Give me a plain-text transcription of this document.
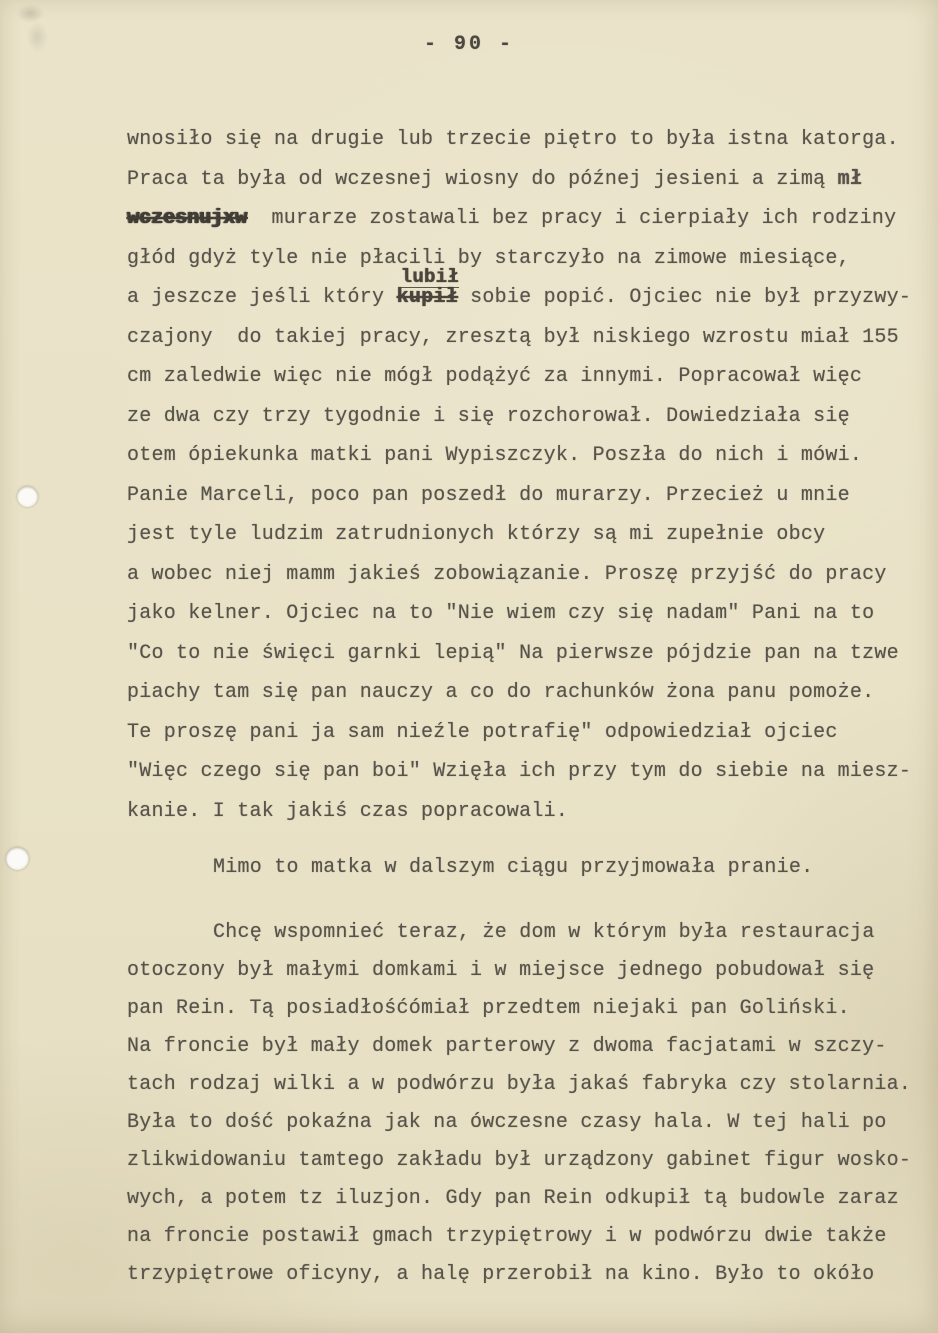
- 90 -
wnosiło się na drugie lub trzecie piętro to była istna katorga.
Praca ta była od wczesnej wiosny do późnej jesieni a zimą mł
wczesnujxw  murarze zostawali bez pracy i cierpiały ich rodziny
głód gdyż tyle nie płacili by starczyło na zimowe miesiące,
a jeszcze jeśli który kupił
lubił
sobie popić. Ojciec nie był przyzwy-
czajony  do takiej pracy, zresztą był niskiego wzrostu miał 155
cm zaledwie więc nie mógł podążyć za innymi. Popracował więc
ze dwa czy trzy tygodnie i się rozchorował. Dowiedziała się
otem ópiekunka matki pani Wypiszczyk. Poszła do nich i mówi.
Panie Marceli, poco pan poszedł do murarzy. Przecież u mnie
jest tyle ludzim zatrudnionych którzy są mi zupełnie obcy
a wobec niej mamm jakieś zobowiązanie. Proszę przyjść do pracy
jako kelner. Ojciec na to "Nie wiem czy się nadam" Pani na to
"Co to nie święci garnki lepią" Na pierwsze pójdzie pan na tzwe
piachy tam się pan nauczy a co do rachunków żona panu pomoże.
Te proszę pani ja sam nieźle potrafię" odpowiedział ojciec
"Więc czego się pan boi" Wzięła ich przy tym do siebie na miesz-
kanie. I tak jakiś czas popracowali.
Mimo to matka w dalszym ciągu przyjmowała pranie.
Chcę wspomnieć teraz, że dom w którym była restauracja
otoczony był małymi domkami i w miejsce jednego pobudował się
pan Rein. Tą posiadłośćómiał przedtem niejaki pan Goliński.
Na froncie był mały domek parterowy z dwoma facjatami w szczy-
tach rodzaj wilki a w podwórzu była jakaś fabryka czy stolarnia.
Była to dość pokaźna jak na ówczesne czasy hala. W tej hali po
zlikwidowaniu tamtego zakładu był urządzony gabinet figur wosko-
wych, a potem tz iluzjon. Gdy pan Rein odkupił tą budowle zaraz
na froncie postawił gmach trzypiętrowy i w podwórzu dwie także
trzypiętrowe oficyny, a halę przerobił na kino. Było to okóło
